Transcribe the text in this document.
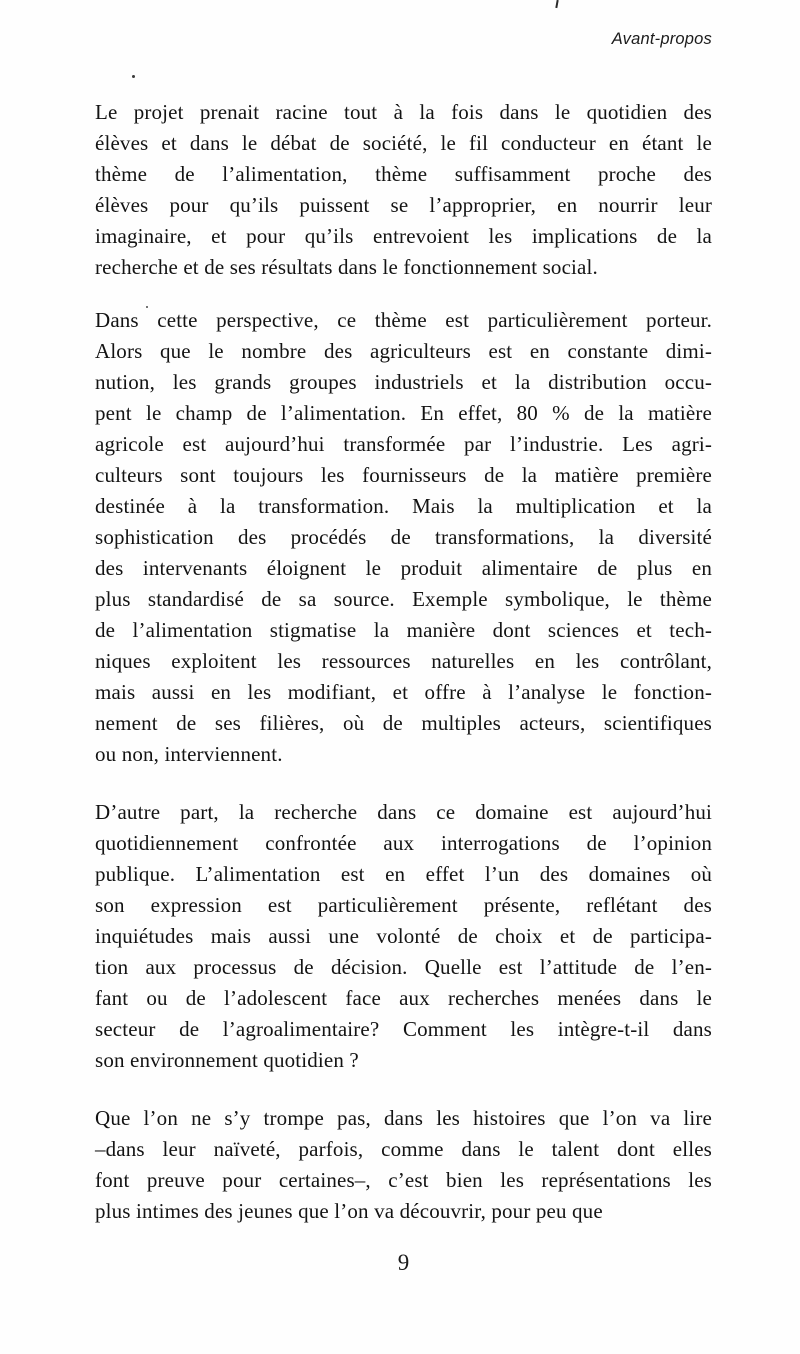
Avant-propos

Le projet prenait racine tout à la fois dans le quotidien des
élèves et dans le débat de société, le fil conducteur en étant le
thème de l’alimentation, thème suffisamment proche des
élèves pour qu’ils puissent se l’approprier, en nourrir leur
imaginaire, et pour qu’ils entrevoient les implications de la
recherche et de ses résultats dans le fonctionnement social.

Dans cette perspective, ce thème est particulièrement porteur.
Alors que le nombre des agriculteurs est en constante dimi-
nution, les grands groupes industriels et la distribution occu-
pent le champ de l’alimentation. En effet, 80 % de la matière
agricole est aujourd’hui transformée par l’industrie. Les agri-
culteurs sont toujours les fournisseurs de la matière première
destinée à la transformation. Mais la multiplication et la
sophistication des procédés de transformations, la diversité
des intervenants éloignent le produit alimentaire de plus en
plus standardisé de sa source. Exemple symbolique, le thème
de l’alimentation stigmatise la manière dont sciences et tech-
niques exploitent les ressources naturelles en les contrôlant,
mais aussi en les modifiant, et offre à l’analyse le fonction-
nement de ses filières, où de multiples acteurs, scientifiques
ou non, interviennent.

D’autre part, la recherche dans ce domaine est aujourd’hui
quotidiennement confrontée aux interrogations de l’opinion
publique. L’alimentation est en effet l’un des domaines où
son expression est particulièrement présente, reflétant des
inquiétudes mais aussi une volonté de choix et de participa-
tion aux processus de décision. Quelle est l’attitude de l’en-
fant ou de l’adolescent face aux recherches menées dans le
secteur de l’agroalimentaire? Comment les intègre-t-il dans
son environnement quotidien ?

Que l’on ne s’y trompe pas, dans les histoires que l’on va lire
–dans leur naïveté, parfois, comme dans le talent dont elles
font preuve pour certaines–, c’est bien les représentations les
plus intimes des jeunes que l’on va découvrir, pour peu que

9
